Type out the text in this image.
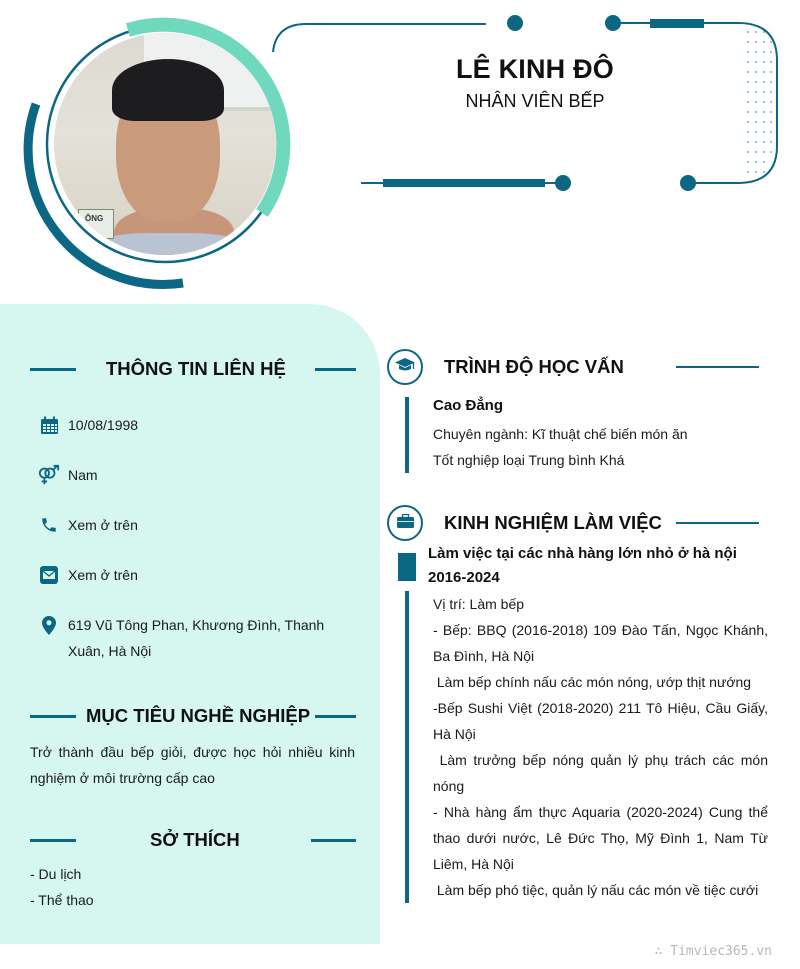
ÔNG
LÊ KINH ĐÔ
NHÂN VIÊN BẾP
THÔNG TIN LIÊN HỆ
10/08/1998
Nam
Xem ở trên
Xem ở trên
619 Vũ Tông Phan, Khương Đình, Thanh Xuân, Hà Nội
MỤC TIÊU NGHỀ NGHIỆP
Trở thành đầu bếp giỏi, được học hỏi nhiều kinh nghiệm ở môi trường cấp cao
SỞ THÍCH
- Du lịch
- Thể thao
TRÌNH ĐỘ HỌC VẤN
Cao Đẳng
Chuyên ngành: Kĩ thuật chế biến món ăn
Tốt nghiệp loại Trung bình Khá
KINH NGHIỆM LÀM VIỆC
Làm việc tại các nhà hàng lớn nhỏ ở hà nội 2016-2024

Vị trí: Làm bếp

- Bếp: BBQ (2016-2018) 109 Đào Tấn, Ngọc Khánh, Ba Đình, Hà Nội

Làm bếp chính nấu các món nóng, ướp thịt nướng

-Bếp Sushi Việt (2018-2020) 211 Tô Hiệu, Cầu Giấy, Hà Nội

Làm trưởng bếp nóng quản lý phụ trách các món nóng

- Nhà hàng ẩm thực Aquaria (2020-2024) Cung thể thao dưới nước, Lê Đức Thọ, Mỹ Đình 1, Nam Từ Liêm, Hà Nội

Làm bếp phó tiệc, quản lý nấu các món về tiệc cưới

∴ Timviec365.vn
